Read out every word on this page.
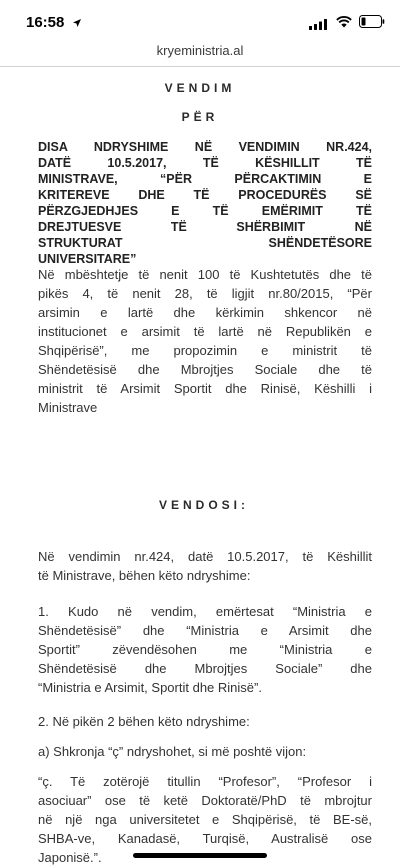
16:58
kryeministria.al
VENDIM
PËR
DISA NDRYSHIME NË VENDIMIN NR.424,
DATË 10.5.2017, TË KËSHILLIT TË
MINISTRAVE, “PËR PËRCAKTIMIN E
KRITEREVE DHE TË PROCEDURËS SË
PËRZGJEDHJES E TË EMËRIMIT TË
DREJTUESVE TË SHËRBIMIT NË
STRUKTURAT SHËNDETËSORE
UNIVERSITARE”
Në mbështetje të nenit 100 të Kushtetutës dhe të
pikës 4, të nenit 28, të ligjit nr.80/2015, “Për
arsimin e lartë dhe kërkimin shkencor në
institucionet e arsimit të lartë në Republikën e
Shqipërisë”, me propozimin e ministrit të
Shëndetësisë dhe Mbrojtjes Sociale dhe të
ministrit të Arsimit Sportit dhe Rinisë, Këshilli i
Ministrave
VENDOSI:
Në vendimin nr.424, datë 10.5.2017, të Këshillit
të Ministrave, bëhen këto ndryshime:
1. Kudo në vendim, emërtesat “Ministria e
Shëndetësisë” dhe “Ministria e Arsimit dhe
Sportit” zëvendësohen me “Ministria e
Shëndetësisë dhe Mbrojtjes Sociale” dhe
“Ministria e Arsimit, Sportit dhe Rinisë”.
2. Në pikën 2 bëhen këto ndryshime:
a) Shkronja “ç” ndryshohet, si më poshtë vijon:
“ç. Të zotërojë titullin “Profesor”, “Profesor i
asociuar” ose të ketë Doktoratë/PhD të mbrojtur
në një nga universitetet e Shqipërisë, të BE-së,
SHBA-ve, Kanadasë, Turqisë, Australisë ose
Japonisë.”.
